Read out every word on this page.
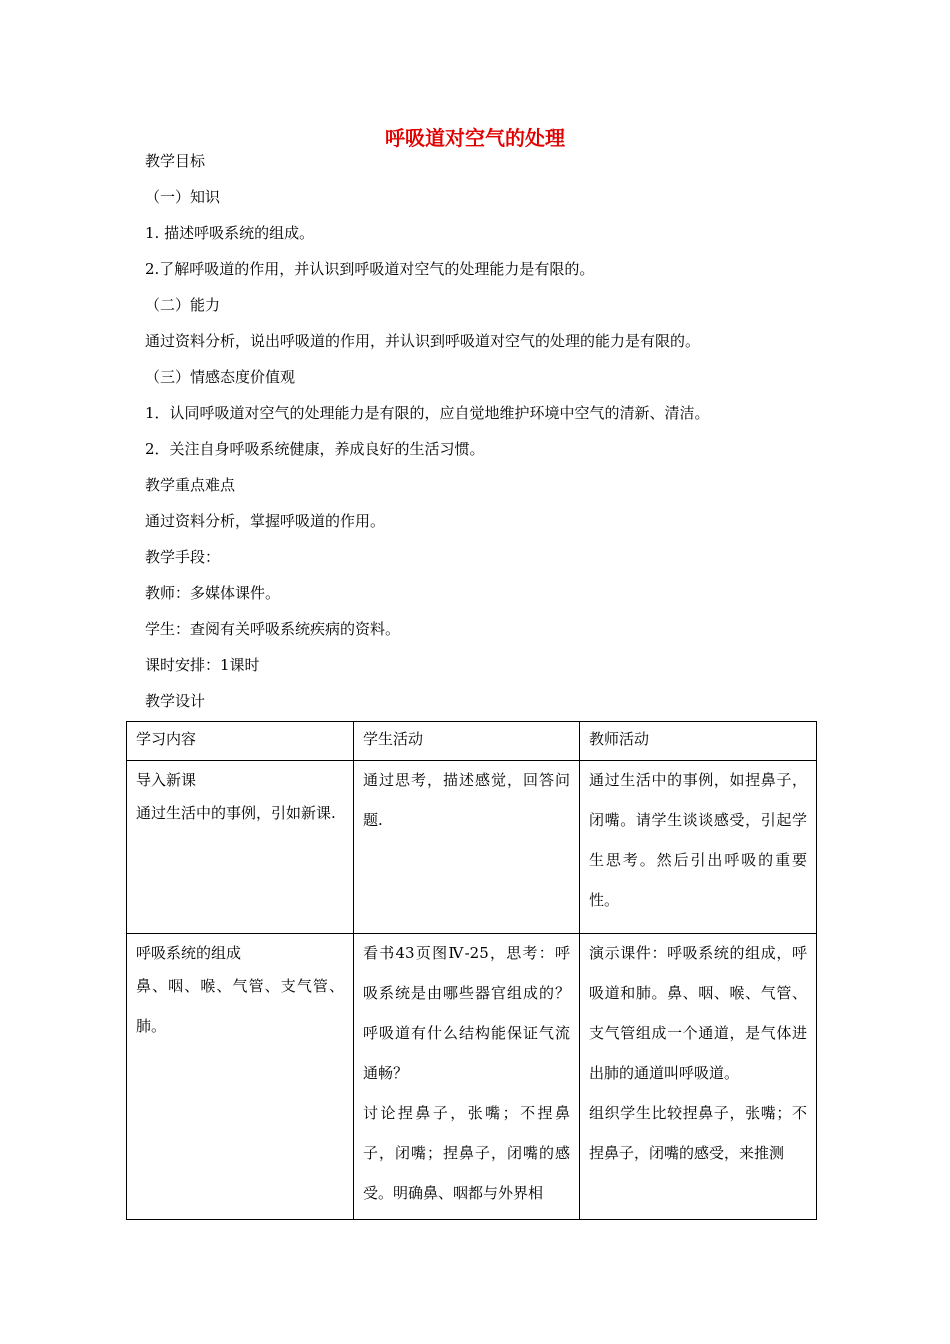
呼吸道对空气的处理
教学目标
（一）知识
1. 描述呼吸系统的组成。
2.了解呼吸道的作用，并认识到呼吸道对空气的处理能力是有限的。
（二）能力
通过资料分析，说出呼吸道的作用，并认识到呼吸道对空气的处理的能力是有限的。
（三）情感态度价值观
1．认同呼吸道对空气的处理能力是有限的，应自觉地维护环境中空气的清新、清洁。
2．关注自身呼吸系统健康，养成良好的生活习惯。
教学重点难点
通过资料分析，掌握呼吸道的作用。
教学手段：
教师：多媒体课件。
学生：查阅有关呼吸系统疾病的资料。
课时安排：1课时
教学设计
学习内容	学生活动	教师活动

导入新课
通过生活中的事例，引如新课.	通过思考，描述感觉，回答问题.	通过生活中的事例，如捏鼻子，闭嘴。请学生谈谈感受，引起学生思考。然后引出呼吸的重要性。

呼吸系统的组成
鼻、咽、喉、气管、支气管、肺。	看书43页图Ⅳ-25，思考：呼吸系统是由哪些器官组成的？呼吸道有什么结构能保证气流通畅？
讨论捏鼻子，张嘴；不捏鼻子，闭嘴；捏鼻子，闭嘴的感受。明确鼻、咽都与外界相	演示课件：呼吸系统的组成，呼吸道和肺。鼻、咽、喉、气管、支气管组成一个通道，是气体进出肺的通道叫呼吸道。
组织学生比较捏鼻子，张嘴；不捏鼻子，闭嘴的感受，来推测
